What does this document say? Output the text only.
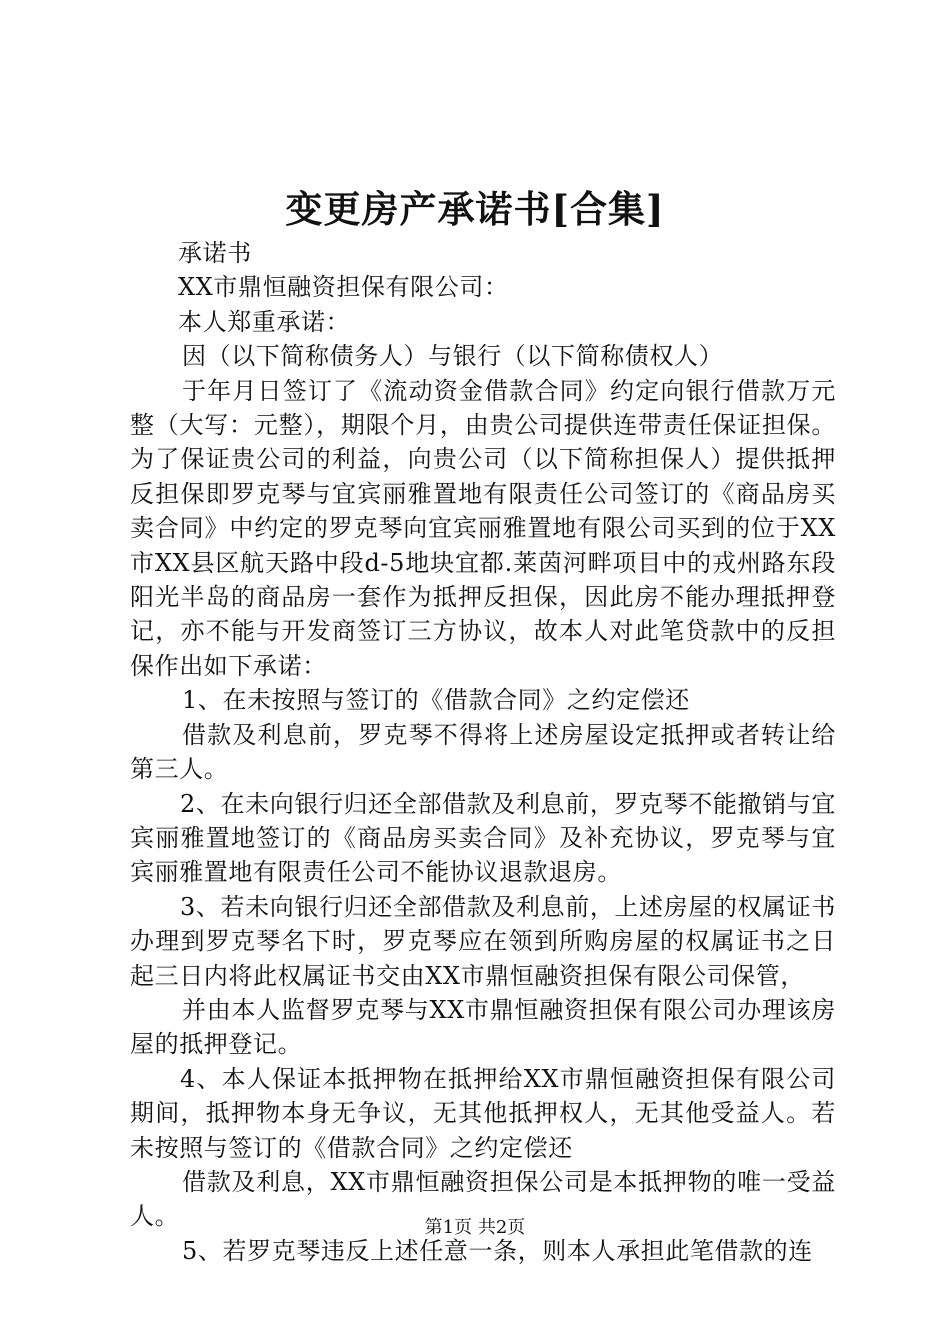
变更房产承诺书[合集]

承诺书

XX市鼎恒融资担保有限公司：

本人郑重承诺：

因（以下简称债务人）与银行（以下简称债权人）

于年月日签订了《流动资金借款合同》约定向银行借款万元整（大写：元整），期限个月，由贵公司提供连带责任保证担保。为了保证贵公司的利益，向贵公司（以下简称担保人）提供抵押反担保即罗克琴与宜宾丽雅置地有限责任公司签订的《商品房买卖合同》中约定的罗克琴向宜宾丽雅置地有限公司买到的位于XX市XX县区航天路中段d-5地块宜都.莱茵河畔项目中的戎州路东段阳光半岛的商品房一套作为抵押反担保，因此房不能办理抵押登记，亦不能与开发商签订三方协议，故本人对此笔贷款中的反担保作出如下承诺：

1、在未按照与签订的《借款合同》之约定偿还

借款及利息前，罗克琴不得将上述房屋设定抵押或者转让给第三人。

2、在未向银行归还全部借款及利息前，罗克琴不能撤销与宜宾丽雅置地签订的《商品房买卖合同》及补充协议，罗克琴与宜宾丽雅置地有限责任公司不能协议退款退房。

3、若未向银行归还全部借款及利息前，上述房屋的权属证书办理到罗克琴名下时，罗克琴应在领到所购房屋的权属证书之日起三日内将此权属证书交由XX市鼎恒融资担保有限公司保管，

并由本人监督罗克琴与XX市鼎恒融资担保有限公司办理该房屋的抵押登记。

4、本人保证本抵押物在抵押给XX市鼎恒融资担保有限公司期间，抵押物本身无争议，无其他抵押权人，无其他受益人。若未按照与签订的《借款合同》之约定偿还

借款及利息，XX市鼎恒融资担保公司是本抵押物的唯一受益人。

5、若罗克琴违反上述任意一条，则本人承担此笔借款的连

第1页 共2页
